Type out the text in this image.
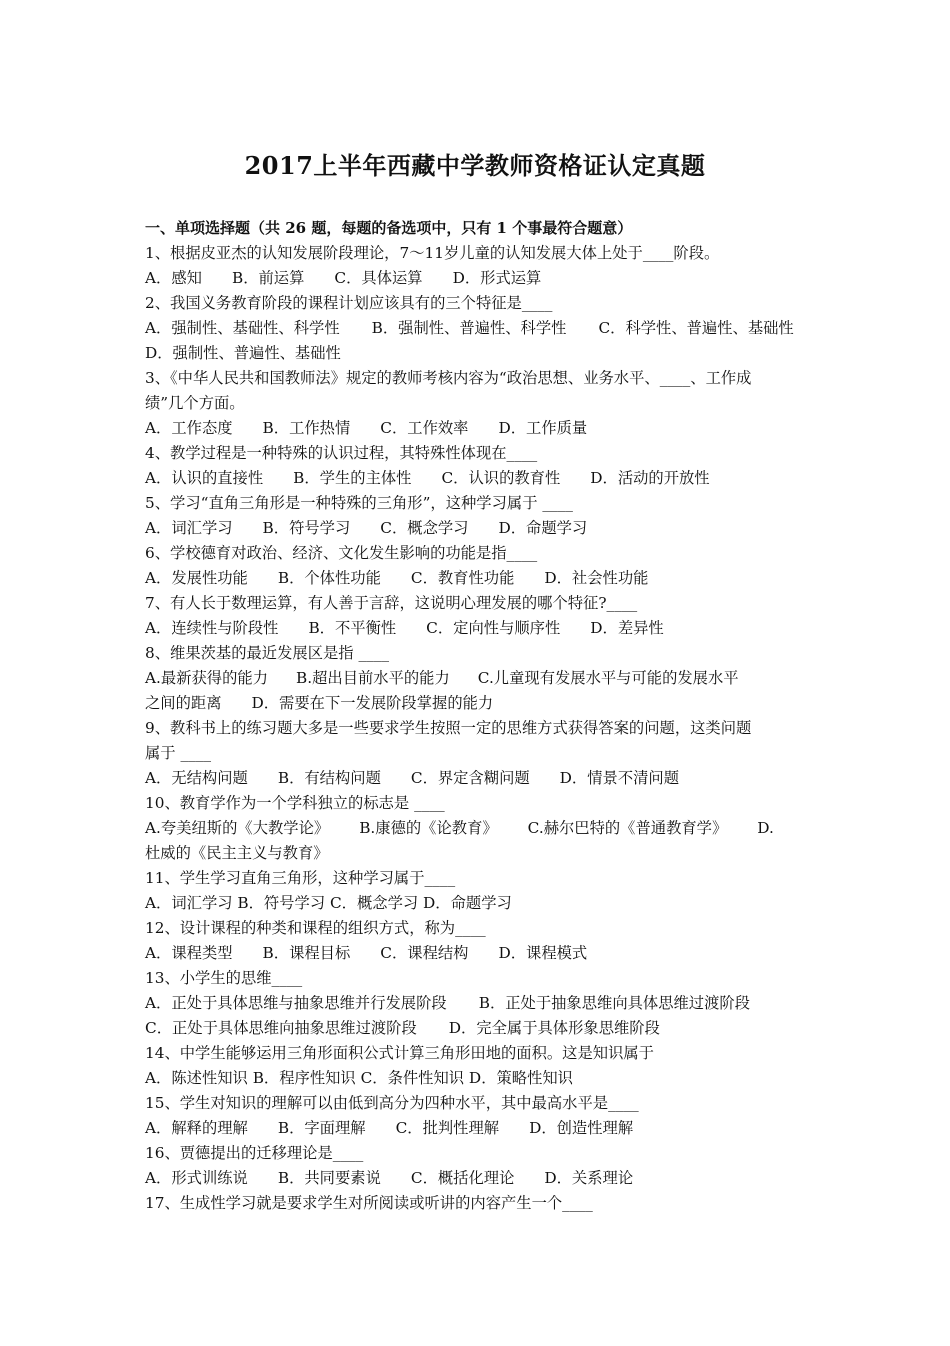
2017上半年西藏中学教师资格证认定真题
一、单项选择题（共 26 题，每题的备选项中，只有 1 个事最符合题意）
1、根据皮亚杰的认知发展阶段理论，7～11岁儿童的认知发展大体上处于____阶段。
A．感知 B．前运算 C．具体运算 D．形式运算
2、我国义务教育阶段的课程计划应该具有的三个特征是____
A．强制性、基础性、科学性 B．强制性、普遍性、科学性 C．科学性、普遍性、基础性
D．强制性、普遍性、基础性
3、《中华人民共和国教师法》规定的教师考核内容为“政治思想、业务水平、____、工作成
绩”几个方面。
A．工作态度 B．工作热情 C．工作效率 D．工作质量
4、教学过程是一种特殊的认识过程，其特殊性体现在____
A．认识的直接性 B．学生的主体性 C．认识的教育性 D．活动的开放性
5、学习“直角三角形是一种特殊的三角形”，这种学习属于 ____
A．词汇学习 B．符号学习 C．概念学习 D．命题学习
6、学校德育对政治、经济、文化发生影响的功能是指____
A．发展性功能 B．个体性功能 C．教育性功能 D．社会性功能
7、有人长于数理运算，有人善于言辞，这说明心理发展的哪个特征?____
A．连续性与阶段性 B．不平衡性 C．定向性与顺序性 D．差异性
8、维果茨基的最近发展区是指 ____
A.最新获得的能力 B.超出目前水平的能力 C.儿童现有发展水平与可能的发展水平
之间的距离 D．需要在下一发展阶段掌握的能力
9、教科书上的练习题大多是一些要求学生按照一定的思维方式获得答案的问题，这类问题
属于 ____
A．无结构问题 B．有结构问题 C．界定含糊问题 D．情景不清问题
10、教育学作为一个学科独立的标志是 ____
A.夸美纽斯的《大教学论》 B.康德的《论教育》 C.赫尔巴特的《普通教育学》 D.
杜威的《民主主义与教育》
11、学生学习直角三角形，这种学习属于____
A．词汇学习 B．符号学习 C．概念学习 D．命题学习
12、设计课程的种类和课程的组织方式，称为____
A．课程类型 B．课程目标 C．课程结构 D．课程模式
13、小学生的思维____
A．正处于具体思维与抽象思维并行发展阶段 B．正处于抽象思维向具体思维过渡阶段
C．正处于具体思维向抽象思维过渡阶段 D．完全属于具体形象思维阶段
14、中学生能够运用三角形面积公式计算三角形田地的面积。这是知识属于
A．陈述性知识 B．程序性知识 C．条件性知识 D．策略性知识
15、学生对知识的理解可以由低到高分为四种水平，其中最高水平是____
A．解释的理解 B．字面理解 C．批判性理解 D．创造性理解
16、贾德提出的迁移理论是____
A．形式训练说 B．共同要素说 C．概括化理论 D．关系理论
17、生成性学习就是要求学生对所阅读或听讲的内容产生一个____
